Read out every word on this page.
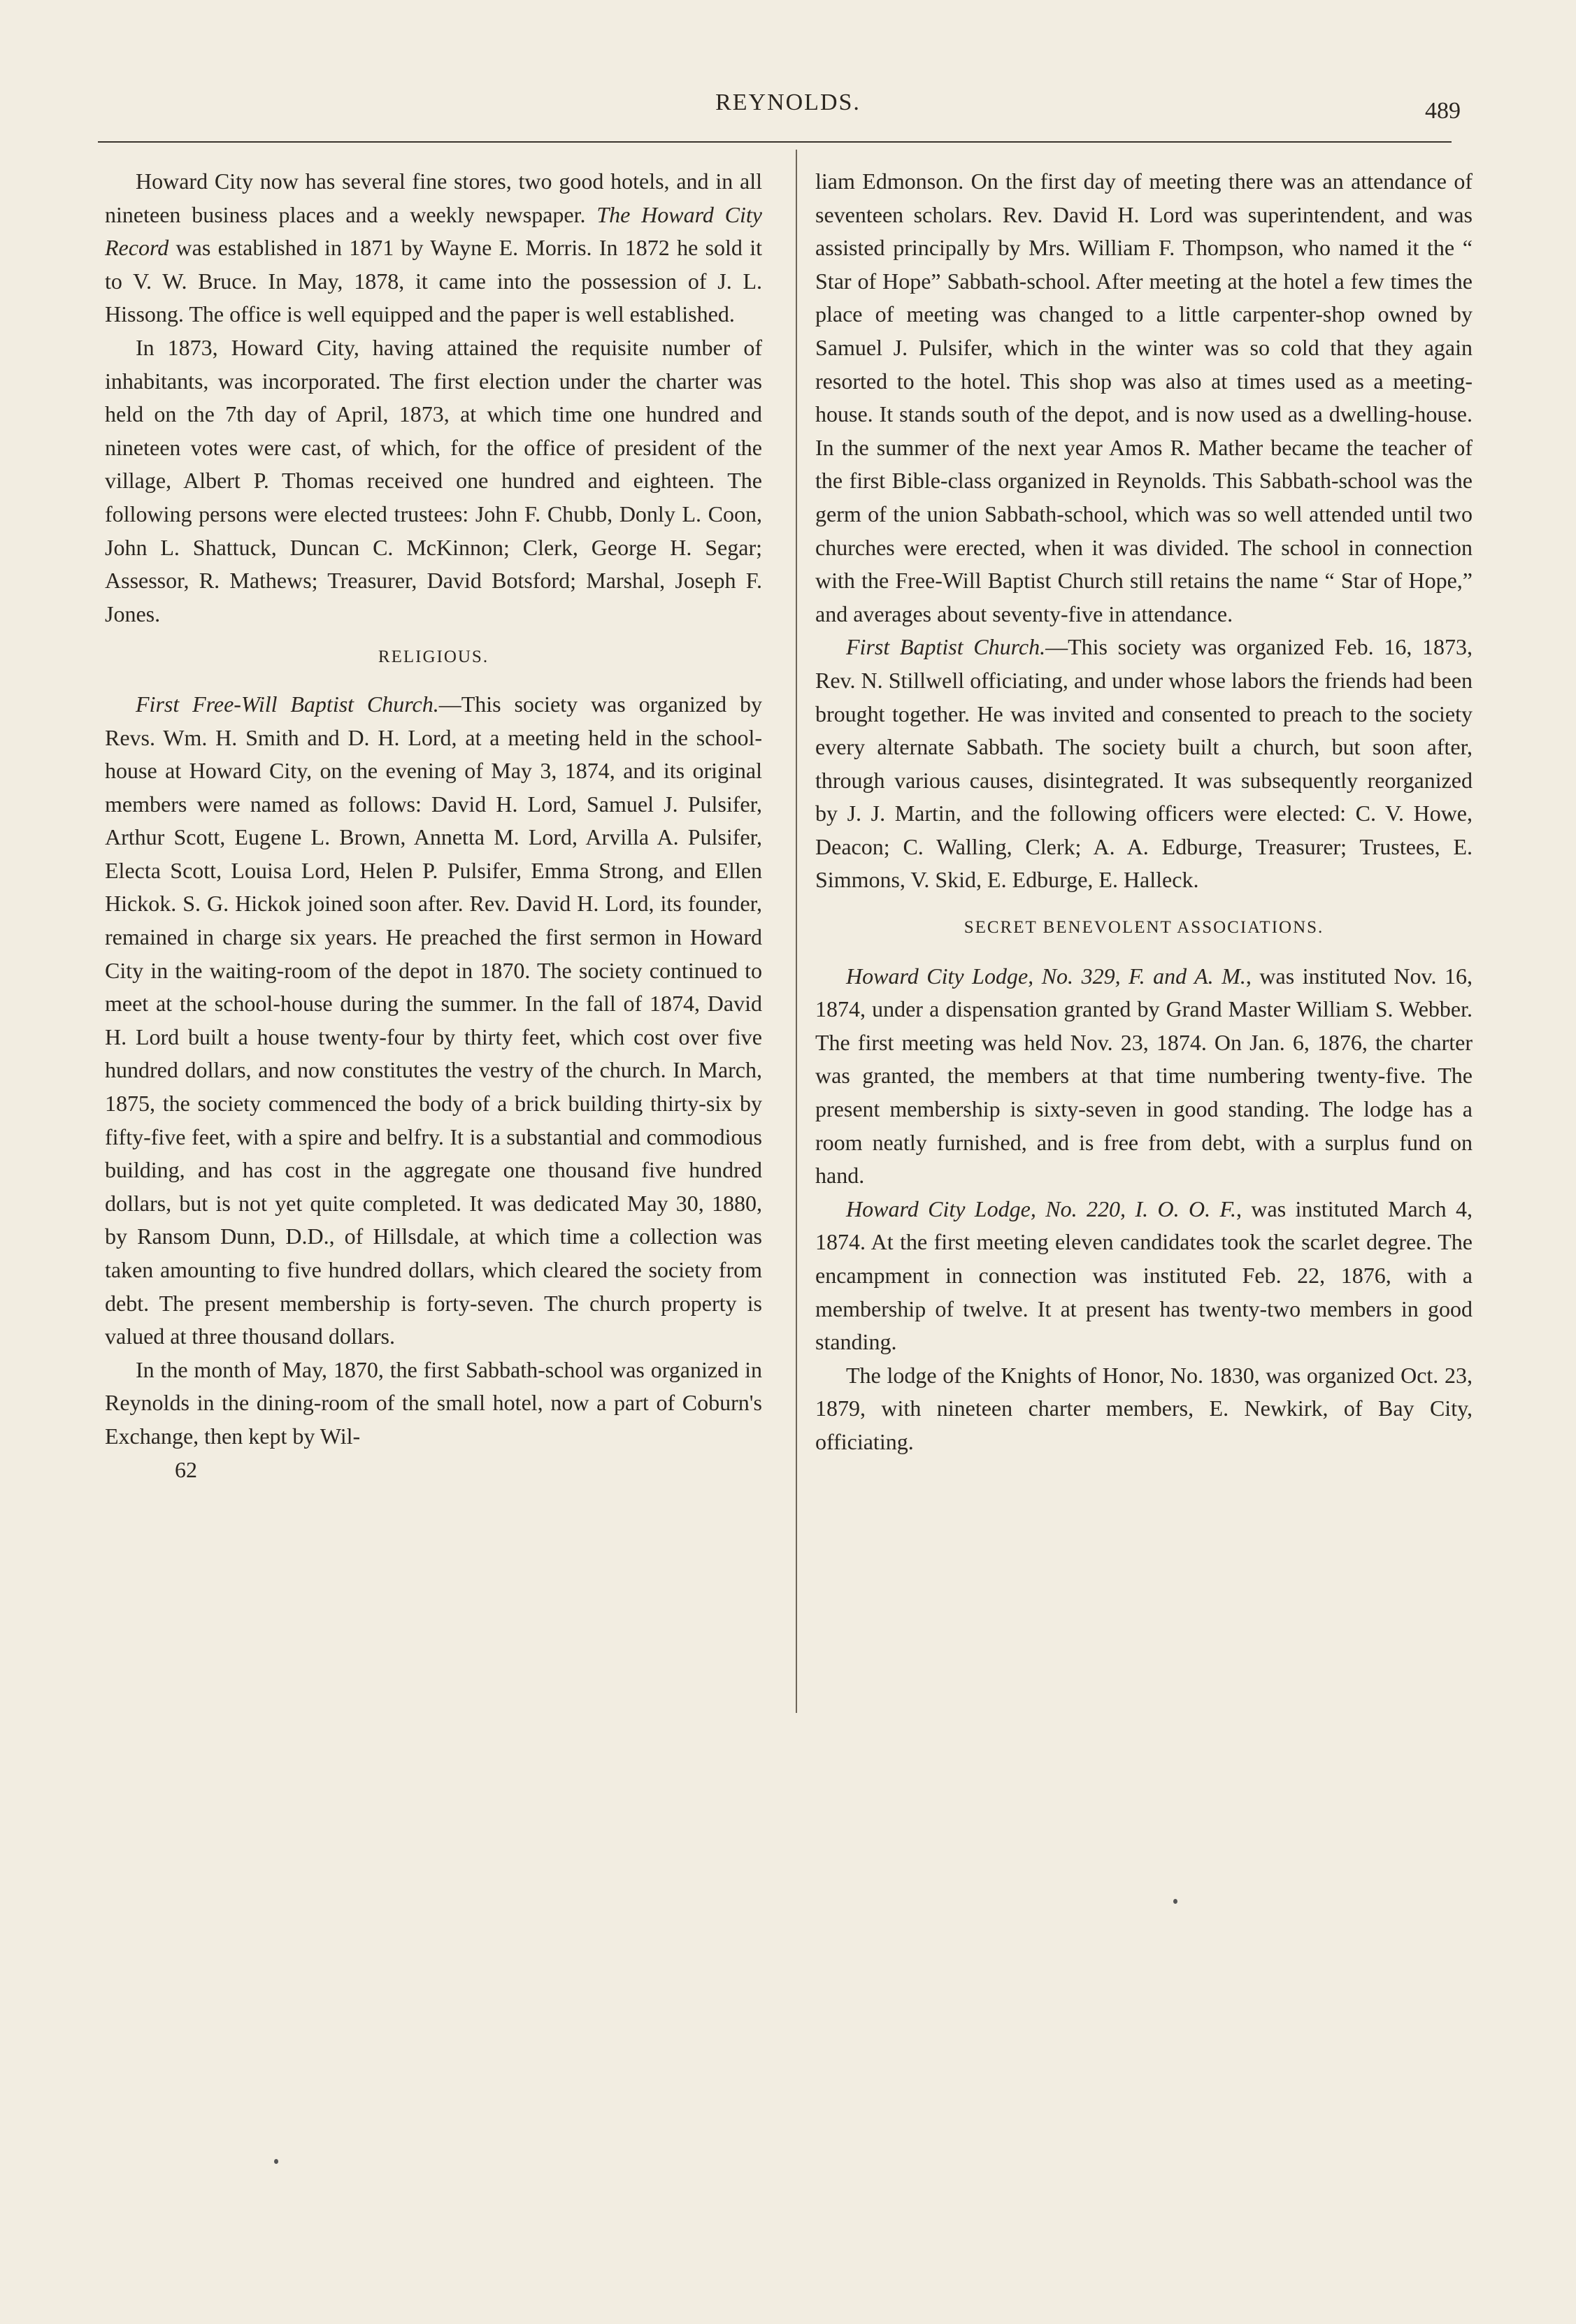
REYNOLDS.	489

Howard City now has several fine stores, two good hotels, and in all nineteen business places and a weekly newspaper. The Howard City Record was established in 1871 by Wayne E. Morris. In 1872 he sold it to V. W. Bruce. In May, 1878, it came into the possession of J. L. Hissong. The office is well equipped and the paper is well established.

In 1873, Howard City, having attained the requisite number of inhabitants, was incorporated. The first election under the charter was held on the 7th day of April, 1873, at which time one hundred and nineteen votes were cast, of which, for the office of president of the village, Albert P. Thomas received one hundred and eighteen. The following persons were elected trustees: John F. Chubb, Donly L. Coon, John L. Shattuck, Duncan C. McKinnon; Clerk, George H. Segar; Assessor, R. Mathews; Treasurer, David Botsford; Marshal, Joseph F. Jones.

RELIGIOUS.

First Free-Will Baptist Church.—This society was organized by Revs. Wm. H. Smith and D. H. Lord, at a meeting held in the school-house at Howard City, on the evening of May 3, 1874, and its original members were named as follows: David H. Lord, Samuel J. Pulsifer, Arthur Scott, Eugene L. Brown, Annetta M. Lord, Arvilla A. Pulsifer, Electa Scott, Louisa Lord, Helen P. Pulsifer, Emma Strong, and Ellen Hickok. S. G. Hickok joined soon after. Rev. David H. Lord, its founder, remained in charge six years. He preached the first sermon in Howard City in the waiting-room of the depot in 1870. The society continued to meet at the school-house during the summer. In the fall of 1874, David H. Lord built a house twenty-four by thirty feet, which cost over five hundred dollars, and now constitutes the vestry of the church. In March, 1875, the society commenced the body of a brick building thirty-six by fifty-five feet, with a spire and belfry. It is a substantial and commodious building, and has cost in the aggregate one thousand five hundred dollars, but is not yet quite completed. It was dedicated May 30, 1880, by Ransom Dunn, D.D., of Hillsdale, at which time a collection was taken amounting to five hundred dollars, which cleared the society from debt. The present membership is forty-seven. The church property is valued at three thousand dollars.

In the month of May, 1870, the first Sabbath-school was organized in Reynolds in the dining-room of the small hotel, now a part of Coburn's Exchange, then kept by Wil-

62

liam Edmonson. On the first day of meeting there was an attendance of seventeen scholars. Rev. David H. Lord was superintendent, and was assisted principally by Mrs. William F. Thompson, who named it the “ Star of Hope” Sabbath-school. After meeting at the hotel a few times the place of meeting was changed to a little carpenter-shop owned by Samuel J. Pulsifer, which in the winter was so cold that they again resorted to the hotel. This shop was also at times used as a meeting-house. It stands south of the depot, and is now used as a dwelling-house. In the summer of the next year Amos R. Mather became the teacher of the first Bible-class organized in Reynolds. This Sabbath-school was the germ of the union Sabbath-school, which was so well attended until two churches were erected, when it was divided. The school in connection with the Free-Will Baptist Church still retains the name “ Star of Hope,” and averages about seventy-five in attendance.

First Baptist Church.—This society was organized Feb. 16, 1873, Rev. N. Stillwell officiating, and under whose labors the friends had been brought together. He was invited and consented to preach to the society every alternate Sabbath. The society built a church, but soon after, through various causes, disintegrated. It was subsequently reorganized by J. J. Martin, and the following officers were elected: C. V. Howe, Deacon; C. Walling, Clerk; A. A. Edburge, Treasurer; Trustees, E. Simmons, V. Skid, E. Edburge, E. Halleck.

SECRET BENEVOLENT ASSOCIATIONS.

Howard City Lodge, No. 329, F. and A. M., was instituted Nov. 16, 1874, under a dispensation granted by Grand Master William S. Webber. The first meeting was held Nov. 23, 1874. On Jan. 6, 1876, the charter was granted, the members at that time numbering twenty-five. The present membership is sixty-seven in good standing. The lodge has a room neatly furnished, and is free from debt, with a surplus fund on hand.

Howard City Lodge, No. 220, I. O. O. F., was instituted March 4, 1874. At the first meeting eleven candidates took the scarlet degree. The encampment in connection was instituted Feb. 22, 1876, with a membership of twelve. It at present has twenty-two members in good standing.

The lodge of the Knights of Honor, No. 1830, was organized Oct. 23, 1879, with nineteen charter members, E. Newkirk, of Bay City, officiating.
